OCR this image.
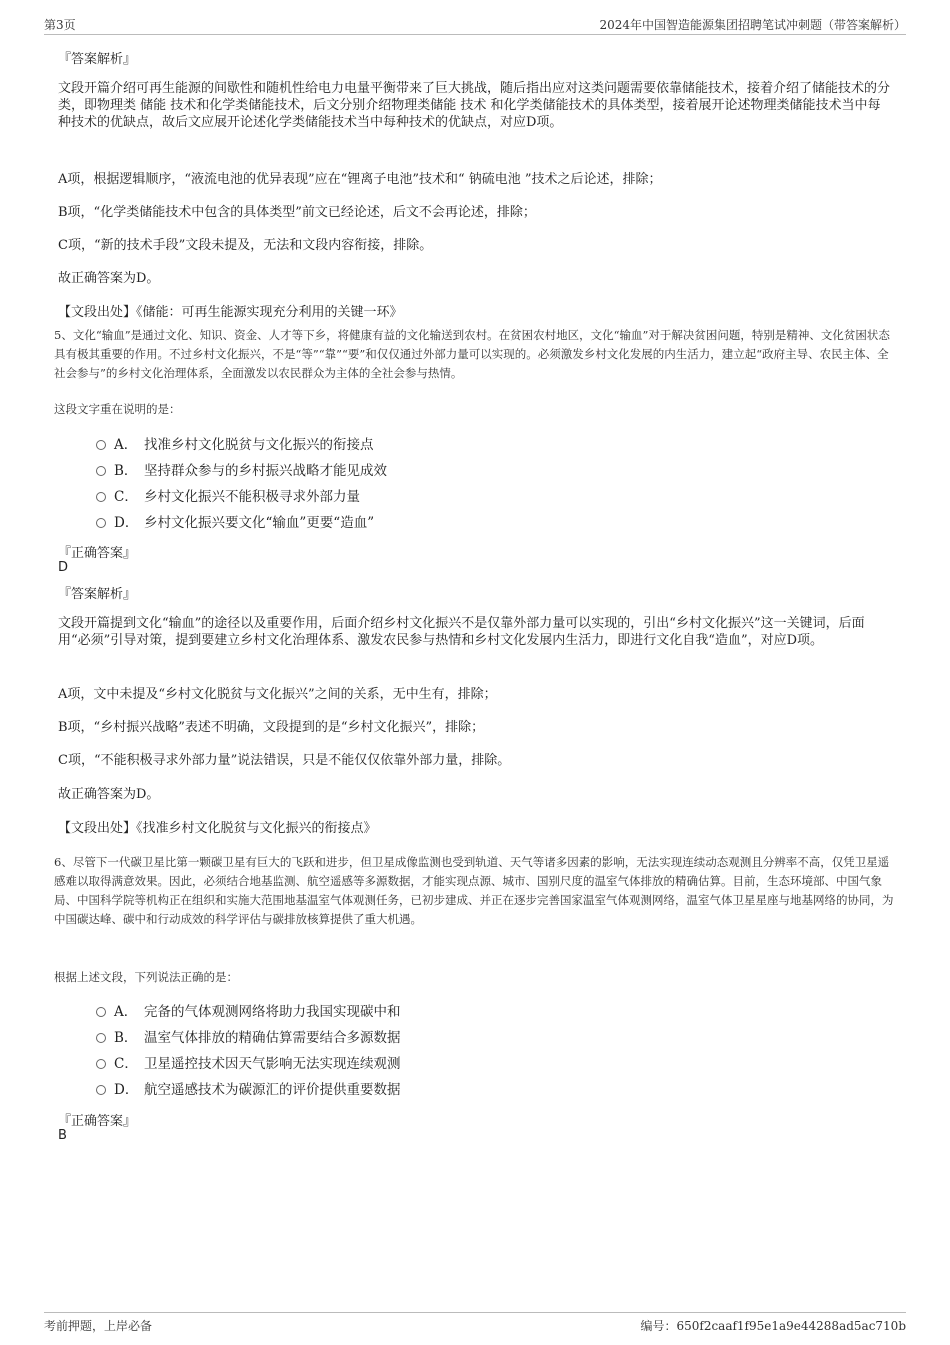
第3页	2024年中国智造能源集团招聘笔试冲刺题（带答案解析）
『答案解析』
文段开篇介绍可再生能源的间歇性和随机性给电力电量平衡带来了巨大挑战，随后指出应对这类问题需要依靠储能技术，接着介绍了储能技术的分类，即物理类 储能 技术和化学类储能技术，后文分别介绍物理类储能 技术 和化学类储能技术的具体类型，接着展开论述物理类储能技术当中每种技术的优缺点，故后文应展开论述化学类储能技术当中每种技术的优缺点，对应D项。
A项，根据逻辑顺序，“液流电池的优异表现”应在“锂离子电池”技术和“ 钠硫电池 ”技术之后论述，排除；
B项，“化学类储能技术中包含的具体类型”前文已经论述，后文不会再论述，排除；
C项，“新的技术手段”文段未提及，无法和文段内容衔接，排除。
故正确答案为D。
【文段出处】《储能：可再生能源实现充分利用的关键一环》
5、文化“输血”是通过文化、知识、资金、人才等下乡，将健康有益的文化输送到农村。在贫困农村地区，文化“输血”对于解决贫困问题，特别是精神、文化贫困状态具有极其重要的作用。不过乡村文化振兴，不是“等”“靠”“要”和仅仅通过外部力量可以实现的。必须激发乡村文化发展的内生活力，建立起“政府主导、农民主体、全社会参与”的乡村文化治理体系，全面激发以农民群众为主体的全社会参与热情。
这段文字重在说明的是：
A． 找准乡村文化脱贫与文化振兴的衔接点
B． 坚持群众参与的乡村振兴战略才能见成效
C． 乡村文化振兴不能积极寻求外部力量
D． 乡村文化振兴要文化“输血”更要“造血”
『正确答案』
D
『答案解析』
文段开篇提到文化“输血”的途径以及重要作用，后面介绍乡村文化振兴不是仅靠外部力量可以实现的，引出“乡村文化振兴”这一关键词，后面用“必须”引导对策，提到要建立乡村文化治理体系、激发农民参与热情和乡村文化发展内生活力，即进行文化自我“造血”，对应D项。
A项，文中未提及“乡村文化脱贫与文化振兴”之间的关系，无中生有，排除；
B项，“乡村振兴战略”表述不明确，文段提到的是“乡村文化振兴”，排除；
C项，“不能积极寻求外部力量”说法错误，只是不能仅仅依靠外部力量，排除。
故正确答案为D。
【文段出处】《找准乡村文化脱贫与文化振兴的衔接点》
6、尽管下一代碳卫星比第一颗碳卫星有巨大的飞跃和进步，但卫星成像监测也受到轨道、天气等诸多因素的影响，无法实现连续动态观测且分辨率不高，仅凭卫星遥感难以取得满意效果。因此，必须结合地基监测、航空遥感等多源数据，才能实现点源、城市、国别尺度的温室气体排放的精确估算。目前，生态环境部、中国气象局、中国科学院等机构正在组织和实施大范围地基温室气体观测任务，已初步建成、并正在逐步完善国家温室气体观测网络，温室气体卫星星座与地基网络的协同，为中国碳达峰、碳中和行动成效的科学评估与碳排放核算提供了重大机遇。
根据上述文段，下列说法正确的是：
A． 完备的气体观测网络将助力我国实现碳中和
B． 温室气体排放的精确估算需要结合多源数据
C． 卫星遥控技术因天气影响无法实现连续观测
D． 航空遥感技术为碳源汇的评价提供重要数据
『正确答案』
B
考前押题，上岸必备	编号：650f2caaf1f95e1a9e44288ad5ac710b
